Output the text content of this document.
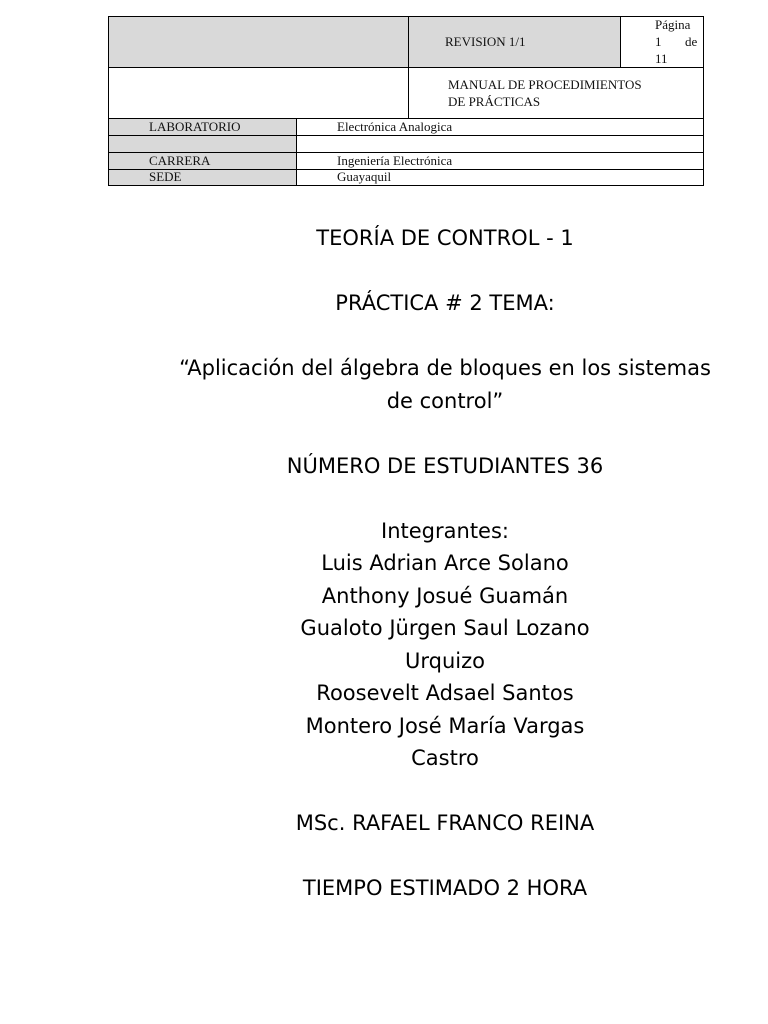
REVISION 1/1
Página
1 de
11
MANUAL DE PROCEDIMIENTOS
DE PRÁCTICAS
LABORATORIO	Electrónica Analogica
CARRERA	Ingeniería Electrónica
SEDE	Guayaquil
TEORÍA DE CONTROL - 1
PRÁCTICA # 2 TEMA:
“Aplicación del álgebra de bloques en los sistemas
de control”
NÚMERO DE ESTUDIANTES 36
Integrantes:
Luis Adrian Arce Solano
Anthony Josué Guamán
Gualoto Jürgen Saul Lozano
Urquizo
Roosevelt Adsael Santos
Montero José María Vargas
Castro
MSc. RAFAEL FRANCO REINA
TIEMPO ESTIMADO 2 HORA
